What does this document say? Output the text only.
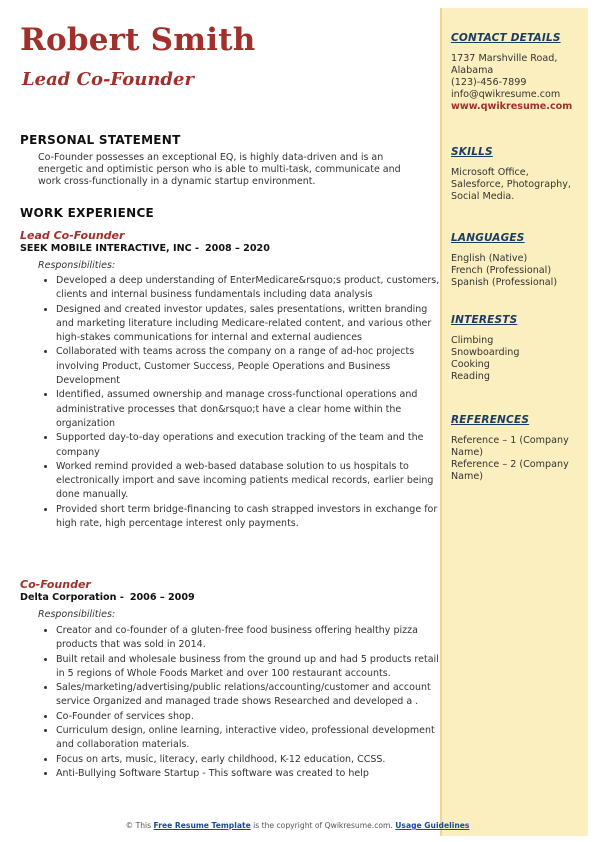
Robert Smith
Lead Co-Founder
PERSONAL STATEMENT
Co-Founder possesses an exceptional EQ, is highly data-driven and is an energetic and optimistic person who is able to multi-task, communicate and work cross-functionally in a dynamic startup environment.
WORK EXPERIENCE
Lead Co-Founder
SEEK MOBILE INTERACTIVE, INC - 2008 – 2020
Responsibilities:
• Developed a deep understanding of EnterMedicare&rsquo;s product, customers, clients and internal business fundamentals including data analysis
• Designed and created investor updates, sales presentations, written branding and marketing literature including Medicare-related content, and various other high-stakes communications for internal and external audiences
• Collaborated with teams across the company on a range of ad-hoc projects involving Product, Customer Success, People Operations and Business Development
• Identified, assumed ownership and manage cross-functional operations and administrative processes that don&rsquo;t have a clear home within the organization
• Supported day-to-day operations and execution tracking of the team and the company
• Worked remind provided a web-based database solution to us hospitals to electronically import and save incoming patients medical records, earlier being done manually.
• Provided short term bridge-financing to cash strapped investors in exchange for high rate, high percentage interest only payments.
Co-Founder
Delta Corporation - 2006 – 2009
Responsibilities:
• Creator and co-founder of a gluten-free food business offering healthy pizza products that was sold in 2014.
• Built retail and wholesale business from the ground up and had 5 products retail in 5 regions of Whole Foods Market and over 100 restaurant accounts.
• Sales/marketing/advertising/public relations/accounting/customer and account service Organized and managed trade shows Researched and developed a .
• Co-Founder of services shop.
• Curriculum design, online learning, interactive video, professional development and collaboration materials.
• Focus on arts, music, literacy, early childhood, K-12 education, CCSS.
• Anti-Bullying Software Startup - This software was created to help
CONTACT DETAILS
1737 Marshville Road,
Alabama
(123)-456-7899
info@qwikresume.com
www.qwikresume.com
SKILLS
Microsoft Office,
Salesforce, Photography,
Social Media.
LANGUAGES
English (Native)
French (Professional)
Spanish (Professional)
INTERESTS
Climbing
Snowboarding
Cooking
Reading
REFERENCES
Reference – 1 (Company
Name)
Reference – 2 (Company
Name)
© This Free Resume Template is the copyright of Qwikresume.com. Usage Guidelines
